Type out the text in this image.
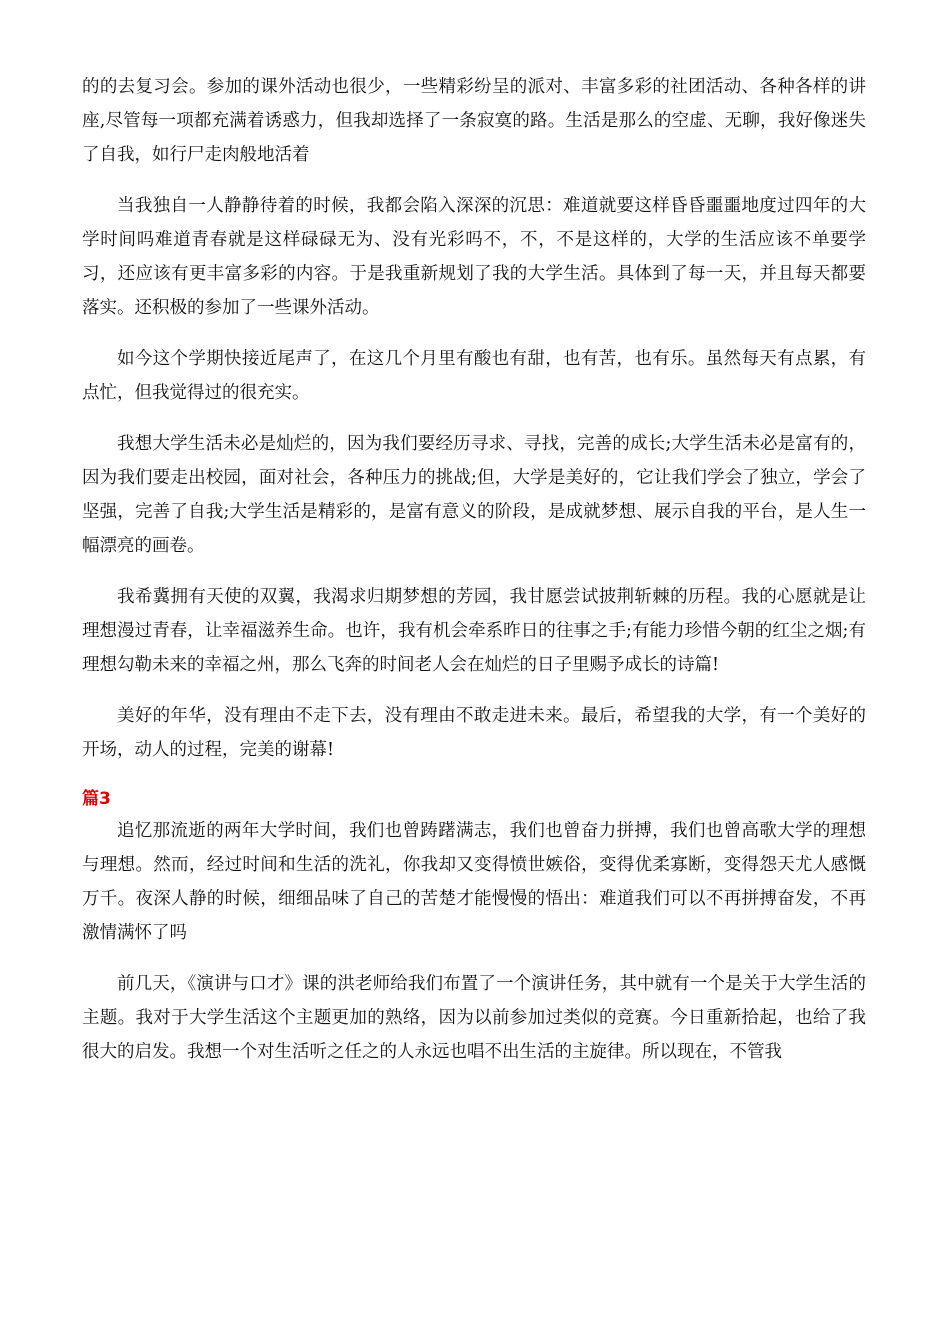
的的去复习会。参加的课外活动也很少，一些精彩纷呈的派对、丰富多彩的社团活动、各种各样的讲座,尽管每一项都充满着诱惑力，但我却选择了一条寂寞的路。生活是那么的空虚、无聊，我好像迷失了自我，如行尸走肉般地活着

当我独自一人静静待着的时候，我都会陷入深深的沉思：难道就要这样昏昏噩噩地度过四年的大学时间吗难道青春就是这样碌碌无为、没有光彩吗不，不，不是这样的，大学的生活应该不单要学习，还应该有更丰富多彩的内容。于是我重新规划了我的大学生活。具体到了每一天，并且每天都要落实。还积极的参加了一些课外活动。

如今这个学期快接近尾声了，在这几个月里有酸也有甜，也有苦，也有乐。虽然每天有点累，有点忙，但我觉得过的很充实。

我想大学生活未必是灿烂的，因为我们要经历寻求、寻找，完善的成长;大学生活未必是富有的，因为我们要走出校园，面对社会，各种压力的挑战;但，大学是美好的，它让我们学会了独立，学会了坚强，完善了自我;大学生活是精彩的，是富有意义的阶段，是成就梦想、展示自我的平台，是人生一幅漂亮的画卷。

我希冀拥有天使的双翼，我渴求归期梦想的芳园，我甘愿尝试披荆斩棘的历程。我的心愿就是让理想漫过青春，让幸福滋养生命。也许，我有机会牵系昨日的往事之手;有能力珍惜今朝的红尘之烟;有理想勾勒未来的幸福之州，那么飞奔的时间老人会在灿烂的日子里赐予成长的诗篇!

美好的年华，没有理由不走下去，没有理由不敢走进未来。最后，希望我的大学，有一个美好的开场，动人的过程，完美的谢幕!

篇3

追忆那流逝的两年大学时间，我们也曾踌躇满志，我们也曾奋力拼搏，我们也曾高歌大学的理想与理想。然而，经过时间和生活的洗礼，你我却又变得愤世嫉俗，变得优柔寡断，变得怨天尤人感慨万千。夜深人静的时候，细细品味了自己的苦楚才能慢慢的悟出：难道我们可以不再拼搏奋发，不再激情满怀了吗

前几天，《演讲与口才》课的洪老师给我们布置了一个演讲任务，其中就有一个是关于大学生活的主题。我对于大学生活这个主题更加的熟络，因为以前参加过类似的竞赛。今日重新拾起，也给了我很大的启发。我想一个对生活听之任之的人永远也唱不出生活的主旋律。所以现在，不管我
